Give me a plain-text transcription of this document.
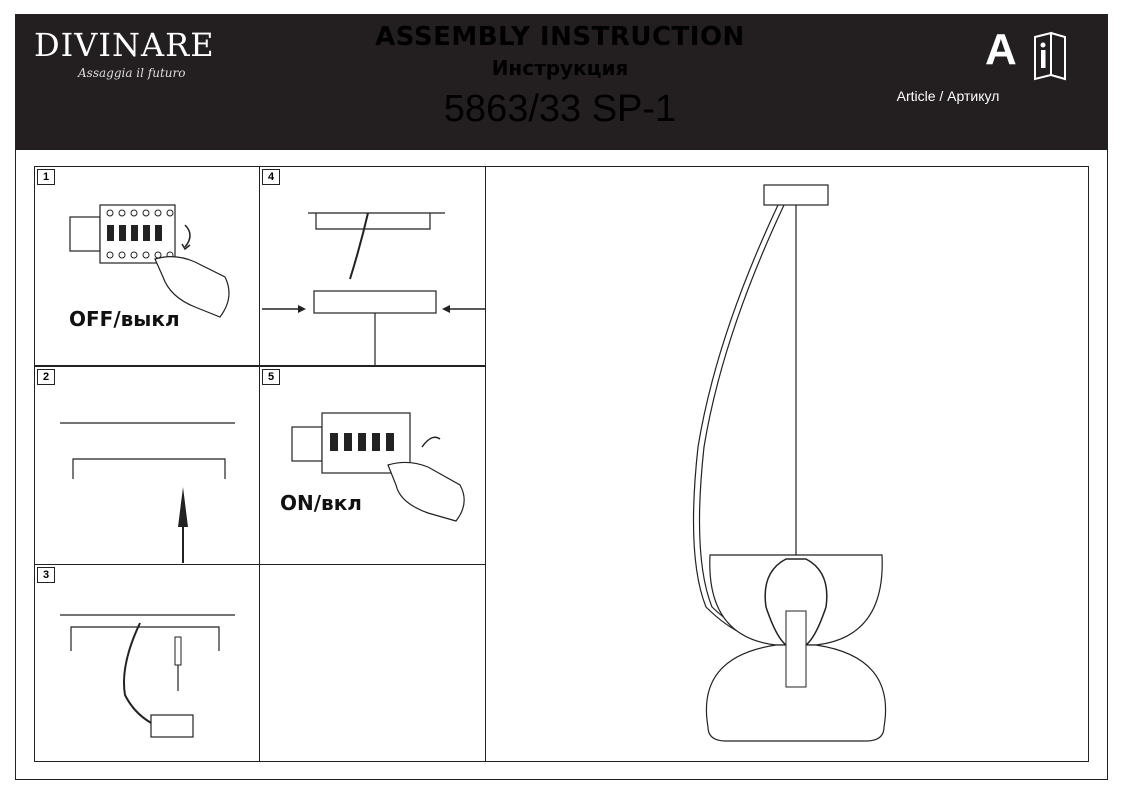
DIVINARE
Assaggia il futuro
ASSEMBLY INSTRUCTION
Инструкция
5863/33 SP-1
A
Article / Артикул
1
OFF/выкл
4
2	5
ON/вкл
3
